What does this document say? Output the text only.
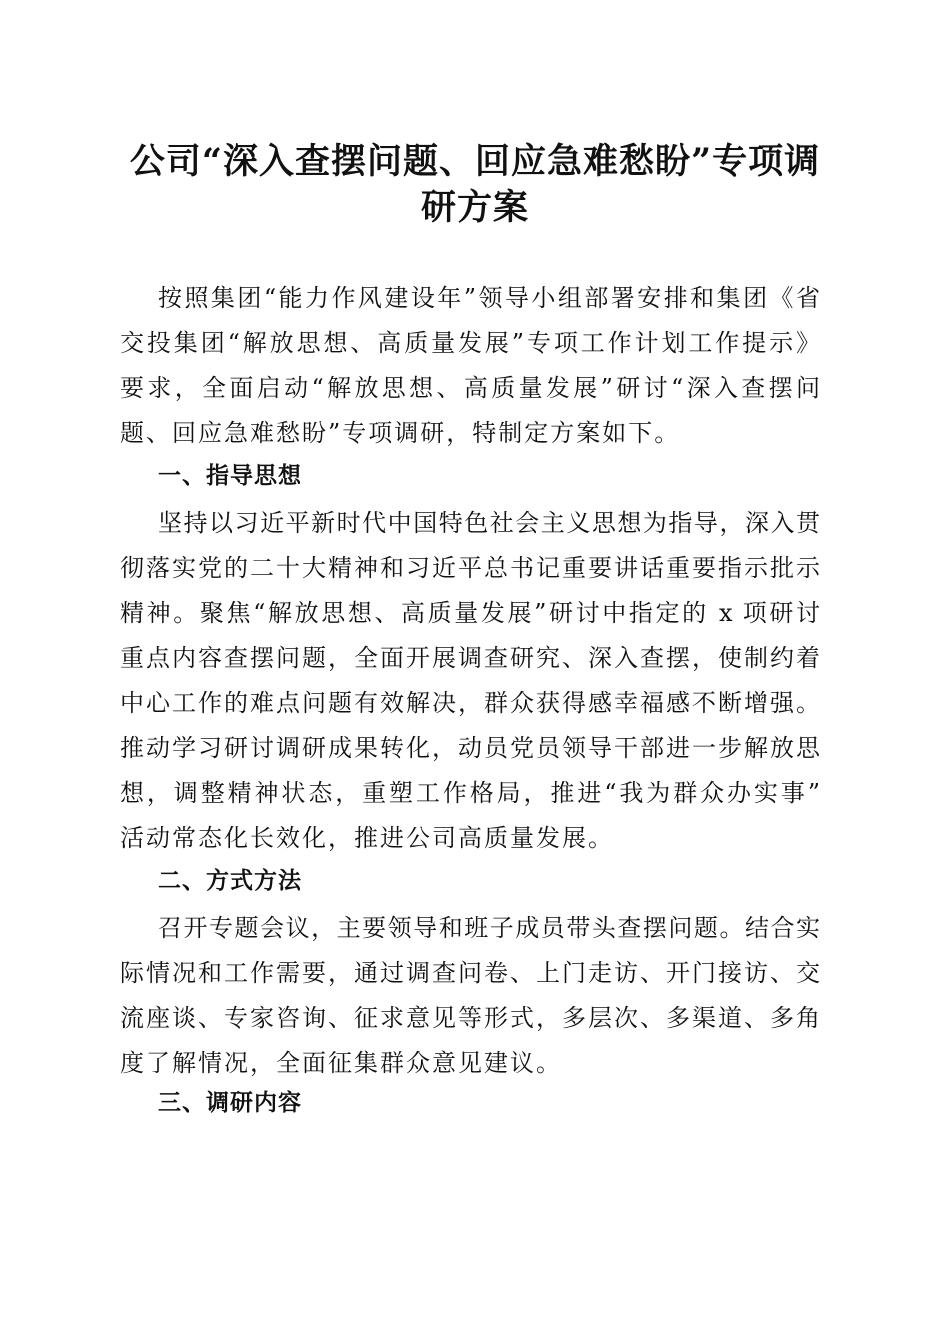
公司“深入查摆问题、回应急难愁盼”专项调
研方案
按照集团“能力作风建设年”领导小组部署安排和集团《省
交投集团“解放思想、高质量发展”专项工作计划工作提示》
要求，全面启动“解放思想、高质量发展”研讨“深入查摆问
题、回应急难愁盼”专项调研，特制定方案如下。
一、指导思想
坚持以习近平新时代中国特色社会主义思想为指导，深入贯
彻落实党的二十大精神和习近平总书记重要讲话重要指示批示
精神。聚焦“解放思想、高质量发展”研讨中指定的 x 项研讨
重点内容查摆问题，全面开展调查研究、深入查摆，使制约着
中心工作的难点问题有效解决，群众获得感幸福感不断增强。
推动学习研讨调研成果转化，动员党员领导干部进一步解放思
想，调整精神状态，重塑工作格局，推进“我为群众办实事”
活动常态化长效化，推进公司高质量发展。
二、方式方法
召开专题会议，主要领导和班子成员带头查摆问题。结合实
际情况和工作需要，通过调查问卷、上门走访、开门接访、交
流座谈、专家咨询、征求意见等形式，多层次、多渠道、多角
度了解情况，全面征集群众意见建议。
三、调研内容
